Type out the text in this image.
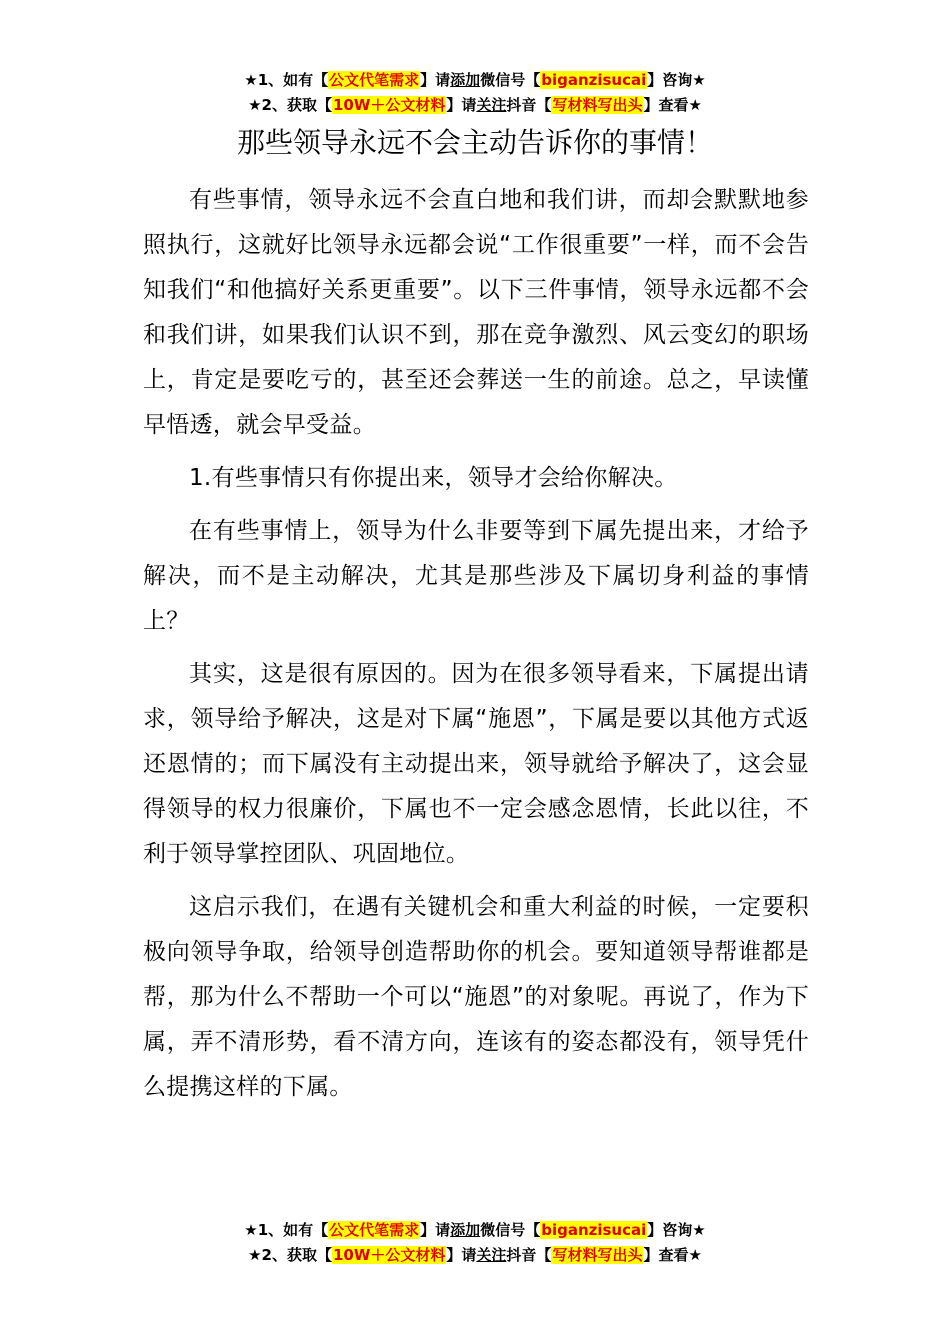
★1、如有【公文代笔需求】请添加微信号【biganzisucai】咨询★
★2、获取【10W＋公文材料】请关注抖音【写材料写出头】查看★
那些领导永远不会主动告诉你的事情！

有些事情，领导永远不会直白地和我们讲，而却会默默地参照执行，这就好比领导永远都会说“工作很重要”一样，而不会告知我们“和他搞好关系更重要”。以下三件事情，领导永远都不会和我们讲，如果我们认识不到，那在竞争激烈、风云变幻的职场上，肯定是要吃亏的，甚至还会葬送一生的前途。总之，早读懂早悟透，就会早受益。

1.有些事情只有你提出来，领导才会给你解决。

在有些事情上，领导为什么非要等到下属先提出来，才给予解决，而不是主动解决，尤其是那些涉及下属切身利益的事情上？

其实，这是很有原因的。因为在很多领导看来，下属提出请求，领导给予解决，这是对下属“施恩”，下属是要以其他方式返还恩情的；而下属没有主动提出来，领导就给予解决了，这会显得领导的权力很廉价，下属也不一定会感念恩情，长此以往，不利于领导掌控团队、巩固地位。

这启示我们，在遇有关键机会和重大利益的时候，一定要积极向领导争取，给领导创造帮助你的机会。要知道领导帮谁都是帮，那为什么不帮助一个可以“施恩”的对象呢。再说了，作为下属，弄不清形势，看不清方向，连该有的姿态都没有，领导凭什么提携这样的下属。

★1、如有【公文代笔需求】请添加微信号【biganzisucai】咨询★
★2、获取【10W＋公文材料】请关注抖音【写材料写出头】查看★
